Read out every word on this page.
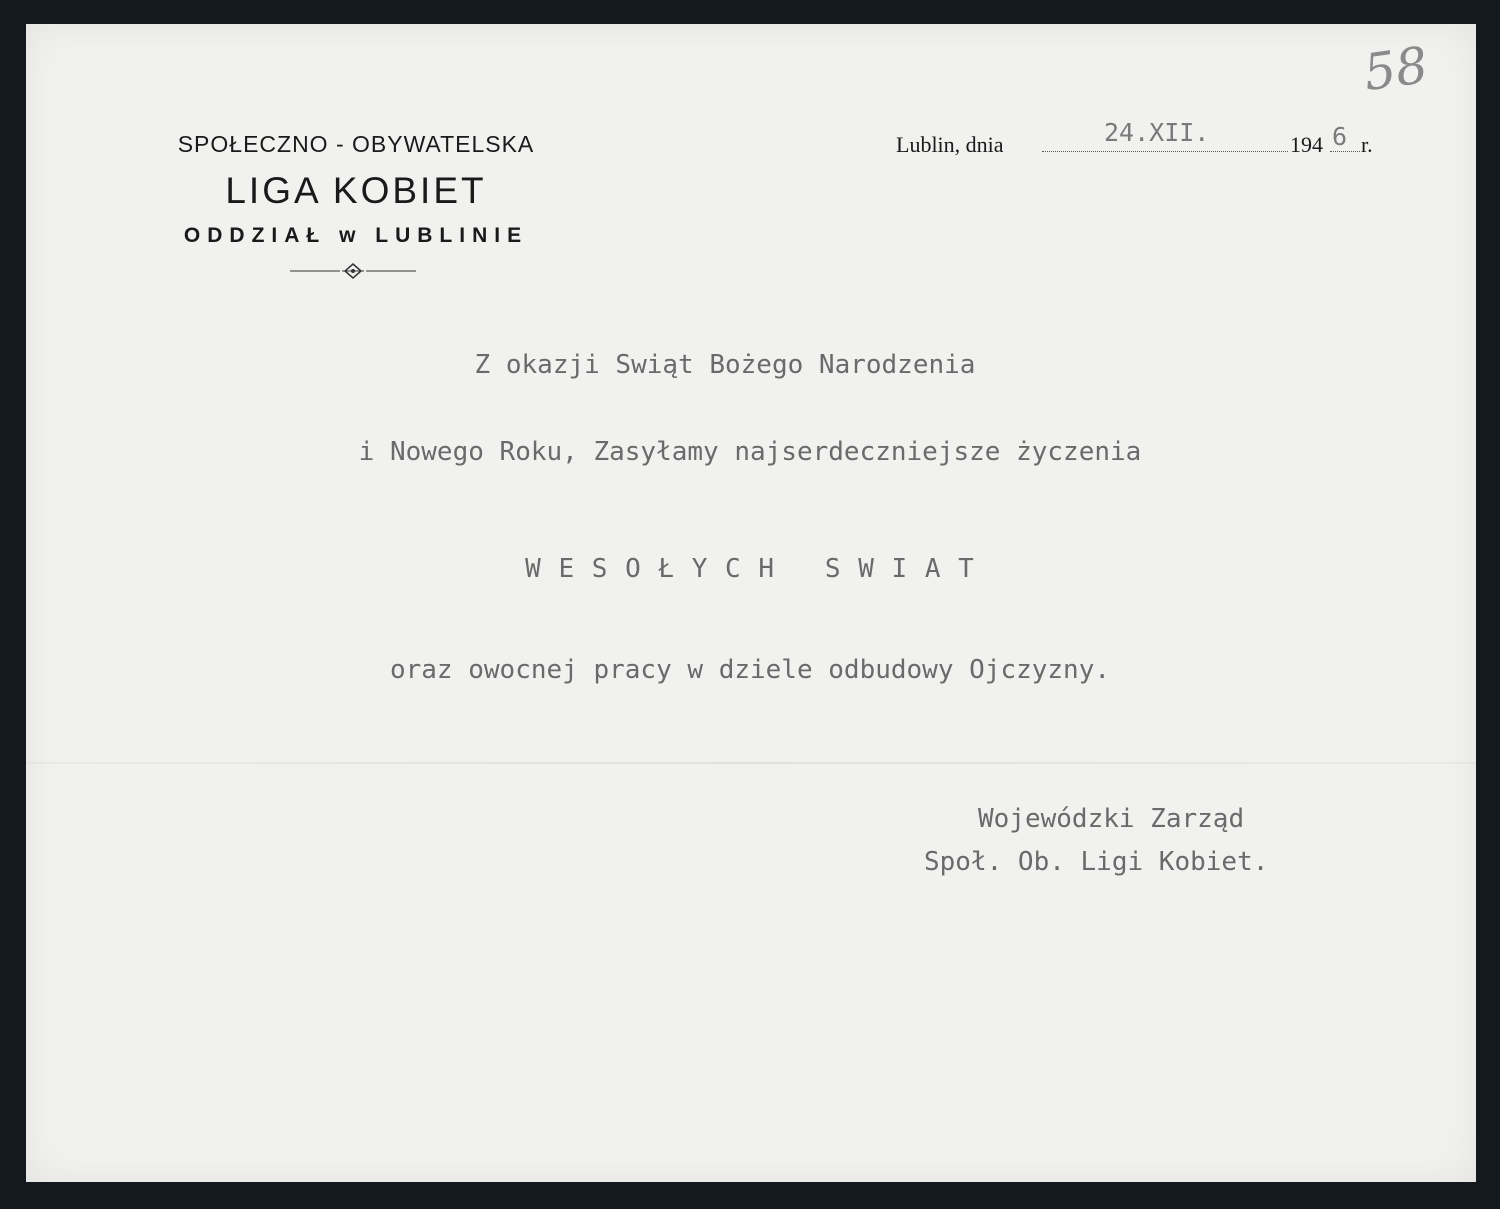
58
SPOŁECZNO - OBYWATELSKA
LIGA KOBIET
ODDZIAŁ w LUBLINIE
Lublin, dnia	24.XII.	194 6 r.
Z okazji Swiąt Bożego Narodzenia
i Nowego Roku, Zasyłamy najserdeczniejsze życzenia
W E S O Ł Y C H   S W I A T
oraz owocnej pracy w dziele odbudowy Ojczyzny.
Wojewódzki Zarząd
Społ. Ob. Ligi Kobiet.
